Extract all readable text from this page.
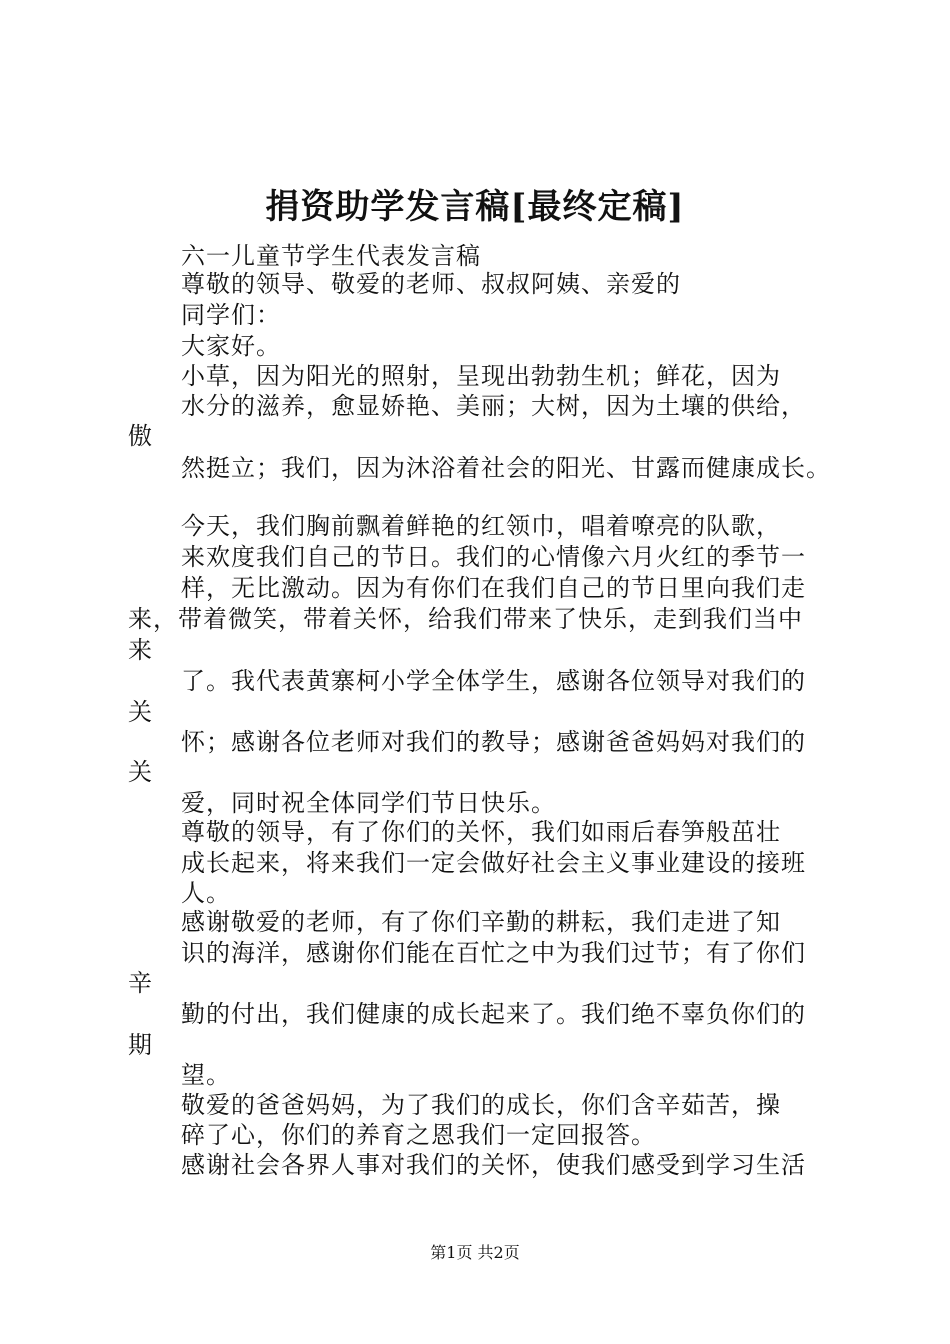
捐资助学发言稿[最终定稿]
六一儿童节学生代表发言稿
尊敬的领导、敬爱的老师、叔叔阿姨、亲爱的
同学们：
大家好。
小草，因为阳光的照射，呈现出勃勃生机；鲜花，因为
水分的滋养，愈显娇艳、美丽；大树，因为土壤的供给，
傲
然挺立；我们，因为沐浴着社会的阳光、甘露而健康成长。
今天，我们胸前飘着鲜艳的红领巾，唱着嘹亮的队歌，
来欢度我们自己的节日。我们的心情像六月火红的季节一
样，无比激动。因为有你们在我们自己的节日里向我们走
来，带着微笑，带着关怀，给我们带来了快乐，走到我们当中
来
了。我代表黄寨柯小学全体学生，感谢各位领导对我们的
关
怀；感谢各位老师对我们的教导；感谢爸爸妈妈对我们的
关
爱，同时祝全体同学们节日快乐。
尊敬的领导，有了你们的关怀，我们如雨后春笋般茁壮
成长起来，将来我们一定会做好社会主义事业建设的接班
人。
感谢敬爱的老师，有了你们辛勤的耕耘，我们走进了知
识的海洋，感谢你们能在百忙之中为我们过节；有了你们
辛
勤的付出，我们健康的成长起来了。我们绝不辜负你们的
期
望。
敬爱的爸爸妈妈，为了我们的成长，你们含辛茹苦，操
碎了心，你们的养育之恩我们一定回报答。
感谢社会各界人事对我们的关怀，使我们感受到学习生活
第1页 共2页
